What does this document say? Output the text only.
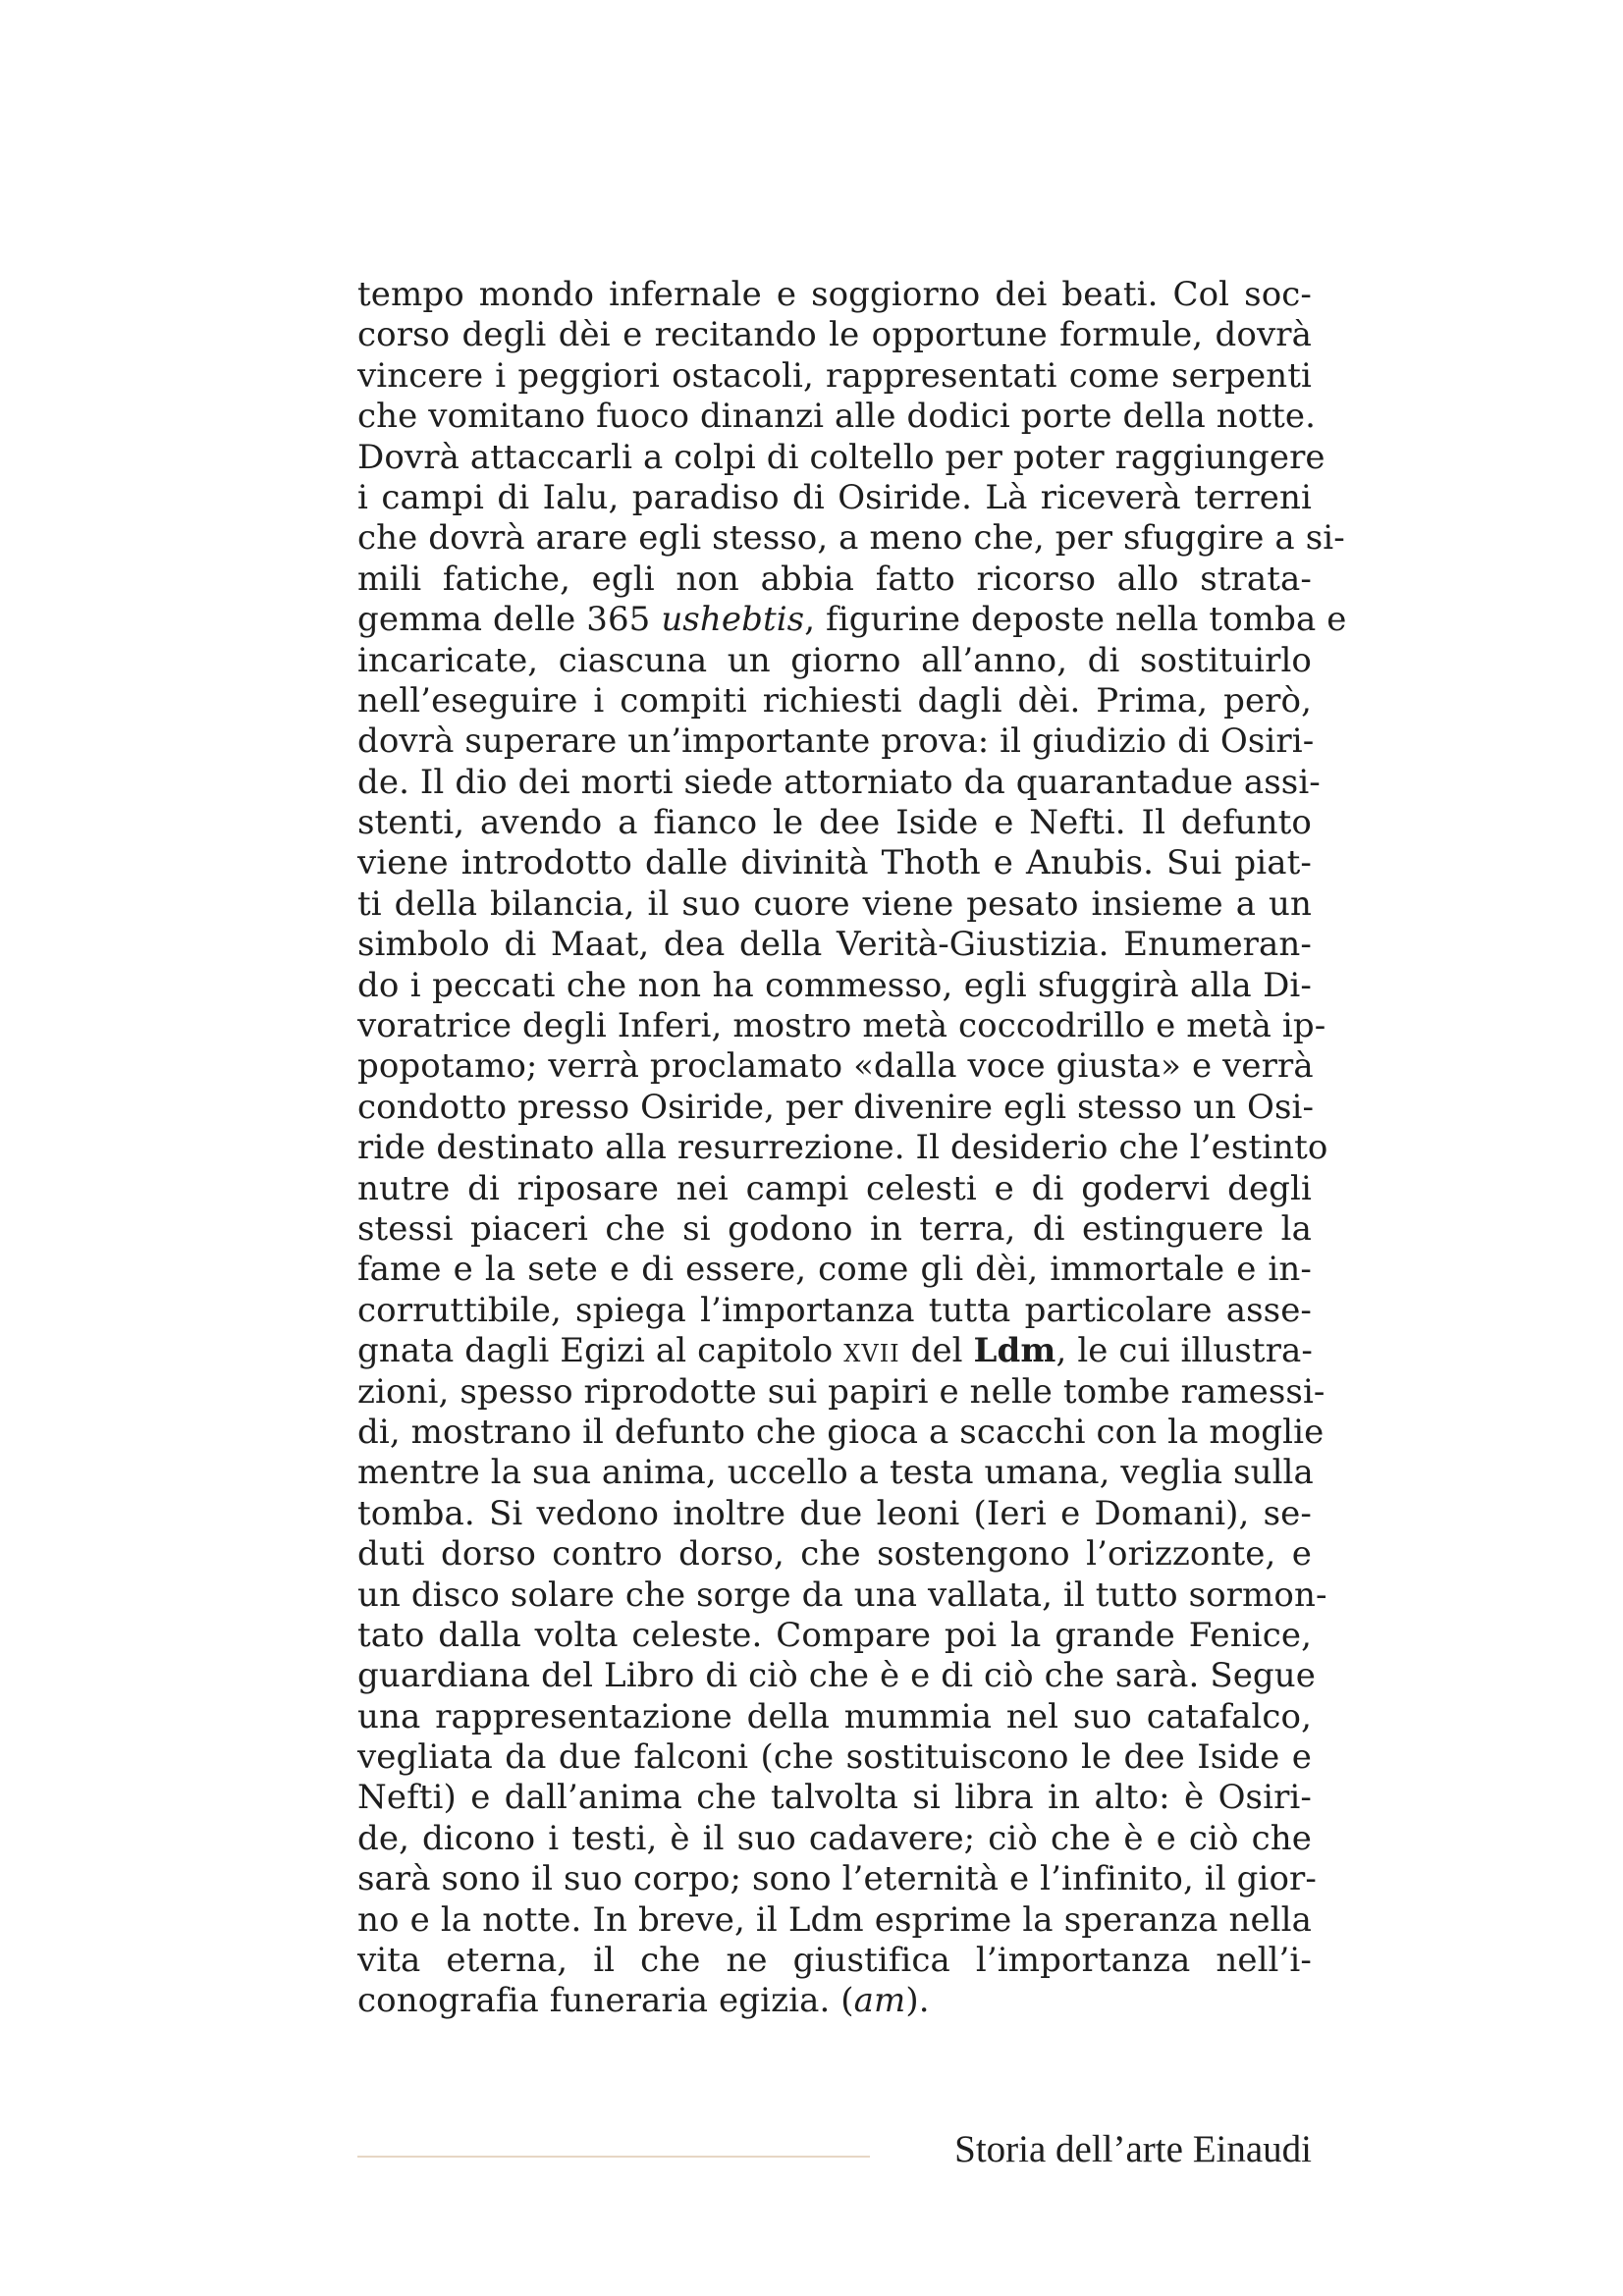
tempo mondo infernale e soggiorno dei beati. Col soc-
corso degli dèi e recitando le opportune formule, dovrà
vincere i peggiori ostacoli, rappresentati come serpenti
che vomitano fuoco dinanzi alle dodici porte della notte.
Dovrà attaccarli a colpi di coltello per poter raggiungere
i campi di Ialu, paradiso di Osiride. Là riceverà terreni
che dovrà arare egli stesso, a meno che, per sfuggire a si-
mili fatiche, egli non abbia fatto ricorso allo strata-
gemma delle 365 ushebtis, figurine deposte nella tomba e
incaricate, ciascuna un giorno all’anno, di sostituirlo
nell’eseguire i compiti richiesti dagli dèi. Prima, però,
dovrà superare un’importante prova: il giudizio di Osiri-
de. Il dio dei morti siede attorniato da quarantadue assi-
stenti, avendo a fianco le dee Iside e Nefti. Il defunto
viene introdotto dalle divinità Thoth e Anubis. Sui piat-
ti della bilancia, il suo cuore viene pesato insieme a un
simbolo di Maat, dea della Verità-Giustizia. Enumeran-
do i peccati che non ha commesso, egli sfuggirà alla Di-
voratrice degli Inferi, mostro metà coccodrillo e metà ip-
popotamo; verrà proclamato «dalla voce giusta» e verrà
condotto presso Osiride, per divenire egli stesso un Osi-
ride destinato alla resurrezione. Il desiderio che l’estinto
nutre di riposare nei campi celesti e di godervi degli
stessi piaceri che si godono in terra, di estinguere la
fame e la sete e di essere, come gli dèi, immortale e in-
corruttibile, spiega l’importanza tutta particolare asse-
gnata dagli Egizi al capitolo xvii del Ldm, le cui illustra-
zioni, spesso riprodotte sui papiri e nelle tombe ramessi-
di, mostrano il defunto che gioca a scacchi con la moglie
mentre la sua anima, uccello a testa umana, veglia sulla
tomba. Si vedono inoltre due leoni (Ieri e Domani), se-
duti dorso contro dorso, che sostengono l’orizzonte, e
un disco solare che sorge da una vallata, il tutto sormon-
tato dalla volta celeste. Compare poi la grande Fenice,
guardiana del Libro di ciò che è e di ciò che sarà. Segue
una rappresentazione della mummia nel suo catafalco,
vegliata da due falconi (che sostituiscono le dee Iside e
Nefti) e dall’anima che talvolta si libra in alto: è Osiri-
de, dicono i testi, è il suo cadavere; ciò che è e ciò che
sarà sono il suo corpo; sono l’eternità e l’infinito, il gior-
no e la notte. In breve, il Ldm esprime la speranza nella
vita eterna, il che ne giustifica l’importanza nell’i-
conografia funeraria egizia. (am).
Storia dell’arte Einaudi
